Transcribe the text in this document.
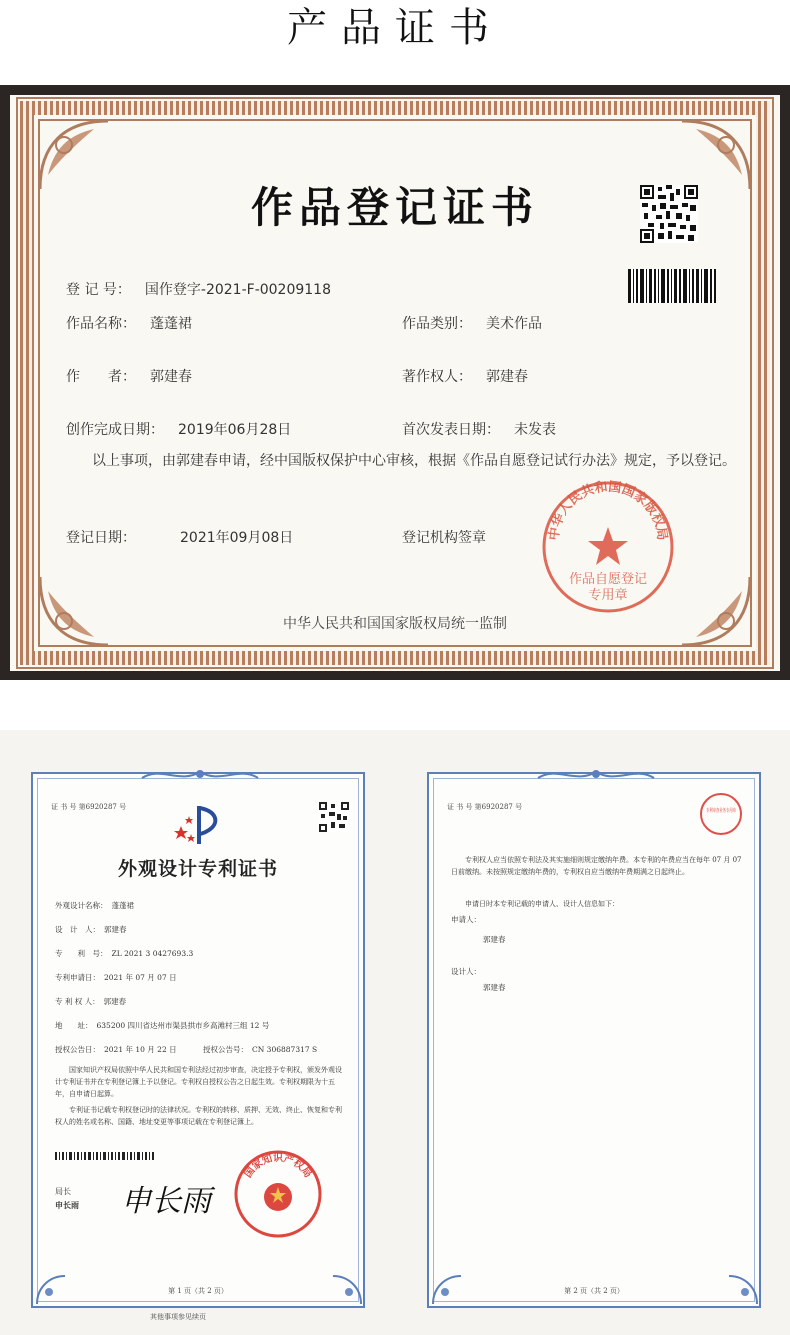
产品证书
作品登记证书
登 记 号： 国作登字-2021-F-00209118
作品名称： 蓬蓬裙	作品类别： 美术作品
作　　者： 郭建春	著作权人： 郭建春
创作完成日期： 2019年06月28日	首次发表日期： 未发表
以上事项，由郭建春申请，经中国版权保护中心审核，根据《作品自愿登记试行办法》规定，予以登记。
登记日期：	2021年09月08日	登记机构签章	中华人民共和国国家版权局
作品自愿登记
专用章
中华人民共和国国家版权局统一监制
证 书 号 第6920287 号
外观设计专利证书
外观设计名称： 蓬蓬裙
设　计　人： 郭建春
专　　利　号： ZL 2021 3 0427693.3
专利申请日： 2021 年 07 月 07 日
专 利 权 人： 郭建春
地　　址： 635200 四川省达州市渠县拱市乡高滩村三组 12 号
授权公告日： 2021 年 10 月 22 日	授权公告号： CN 306887317 S
国家知识产权局依照中华人民共和国专利法经过初步审查，决定授予专利权，颁发外观设计专利证书并在专利登记簿上予以登记。专利权自授权公告之日起生效。专利权期限为十五年，自申请日起算。
专利证书记载专利权登记时的法律状况。专利权的转移、质押、无效、终止、恢复和专利权人的姓名或名称、国籍、地址变更等事项记载在专利登记簿上。
局长
申长雨 申长雨
国家知识产权局
第 1 页（共 2 页）
其他事项参见续页
证 书 号 第6920287 号	专利审查业务专用章
专利权人应当依照专利法及其实施细则规定缴纳年费。本专利的年费应当在每年 07 月 07 日前缴纳。未按照规定缴纳年费的，专利权自应当缴纳年费期满之日起终止。
申请日时本专利记载的申请人、设计人信息如下：
申请人：
郭建春
设计人：
郭建春
第 2 页（共 2 页）
